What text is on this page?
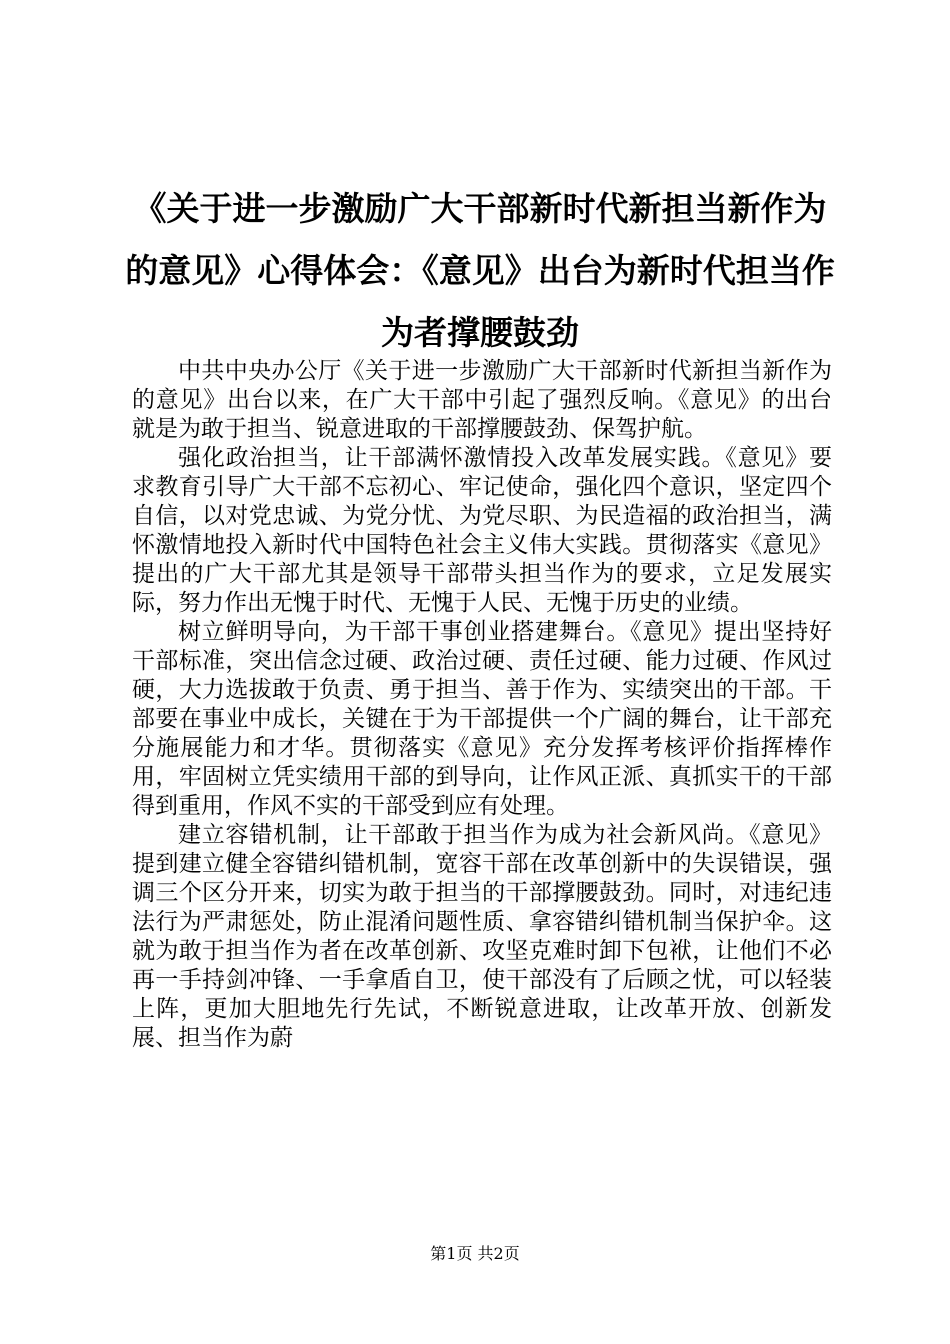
《关于进一步激励广大干部新时代新担当新作为的意见》心得体会：《意见》出台为新时代担当作为者撑腰鼓劲

中共中央办公厅《关于进一步激励广大干部新时代新担当新作为的意见》出台以来，在广大干部中引起了强烈反响。《意见》的出台就是为敢于担当、锐意进取的干部撑腰鼓劲、保驾护航。

强化政治担当，让干部满怀激情投入改革发展实践。《意见》要求教育引导广大干部不忘初心、牢记使命，强化四个意识，坚定四个自信，以对党忠诚、为党分忧、为党尽职、为民造福的政治担当，满怀激情地投入新时代中国特色社会主义伟大实践。贯彻落实《意见》提出的广大干部尤其是领导干部带头担当作为的要求，立足发展实际，努力作出无愧于时代、无愧于人民、无愧于历史的业绩。

树立鲜明导向，为干部干事创业搭建舞台。《意见》提出坚持好干部标准，突出信念过硬、政治过硬、责任过硬、能力过硬、作风过硬，大力选拔敢于负责、勇于担当、善于作为、实绩突出的干部。干部要在事业中成长，关键在于为干部提供一个广阔的舞台，让干部充分施展能力和才华。贯彻落实《意见》充分发挥考核评价指挥棒作用，牢固树立凭实绩用干部的到导向，让作风正派、真抓实干的干部得到重用，作风不实的干部受到应有处理。

建立容错机制，让干部敢于担当作为成为社会新风尚。《意见》提到建立健全容错纠错机制，宽容干部在改革创新中的失误错误，强调三个区分开来，切实为敢于担当的干部撑腰鼓劲。同时，对违纪违法行为严肃惩处，防止混淆问题性质、拿容错纠错机制当保护伞。这就为敢于担当作为者在改革创新、攻坚克难时卸下包袱，让他们不必再一手持剑冲锋、一手拿盾自卫，使干部没有了后顾之忧，可以轻装上阵，更加大胆地先行先试，不断锐意进取，让改革开放、创新发展、担当作为蔚

第1页 共2页
